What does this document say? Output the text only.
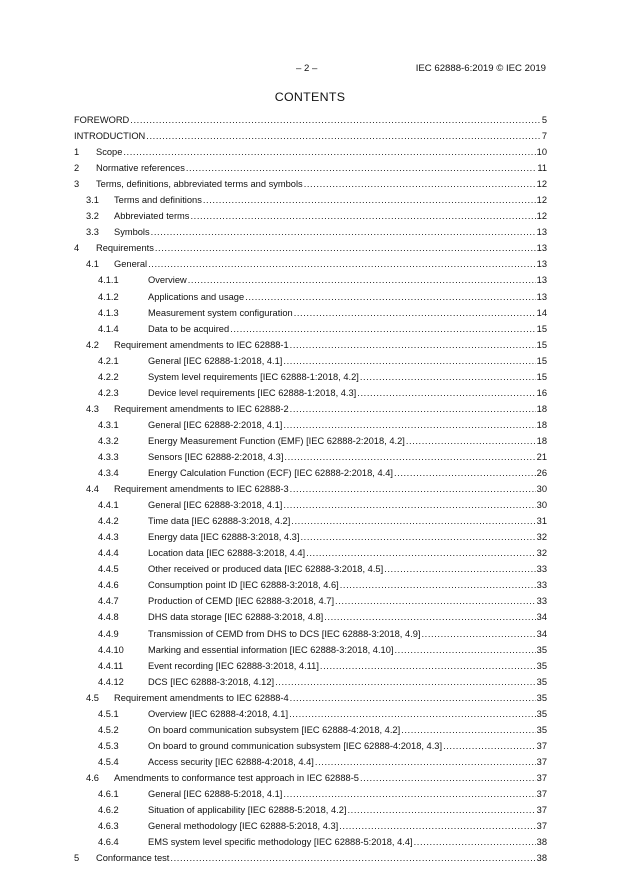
– 2 –	IEC 62888-6:2019 © IEC 2019
CONTENTS
FOREWORD .....	5
INTRODUCTION .....	7
1	Scope .....	10
2	Normative references .....	11
3	Terms, definitions, abbreviated terms and symbols .....	12
3.1	Terms and definitions .....	12
3.2	Abbreviated terms .....	12
3.3	Symbols .....	13
4	Requirements .....	13
4.1	General .....	13
4.1.1	Overview .....	13
4.1.2	Applications and usage .....	13
4.1.3	Measurement system configuration .....	14
4.1.4	Data to be acquired .....	15
4.2	Requirement amendments to IEC 62888-1 .....	15
4.2.1	General [IEC 62888-1:2018, 4.1] .....	15
4.2.2	System level requirements [IEC 62888-1:2018, 4.2] .....	15
4.2.3	Device level requirements [IEC 62888-1:2018, 4.3] .....	16
4.3	Requirement amendments to IEC 62888-2 .....	18
4.3.1	General [IEC 62888-2:2018, 4.1] .....	18
4.3.2	Energy Measurement Function (EMF) [IEC 62888-2:2018, 4.2] .....	18
4.3.3	Sensors [IEC 62888-2:2018, 4.3] .....	21
4.3.4	Energy Calculation Function (ECF) [IEC 62888-2:2018, 4.4] .....	26
4.4	Requirement amendments to IEC 62888-3 .....	30
4.4.1	General [IEC 62888-3:2018, 4.1] .....	30
4.4.2	Time data [IEC 62888-3:2018, 4.2] .....	31
4.4.3	Energy data [IEC 62888-3:2018, 4.3] .....	32
4.4.4	Location data [IEC 62888-3:2018, 4.4] .....	32
4.4.5	Other received or produced data [IEC 62888-3:2018, 4.5] .....	33
4.4.6	Consumption point ID [IEC 62888-3:2018, 4.6] .....	33
4.4.7	Production of CEMD [IEC 62888-3:2018, 4.7] .....	33
4.4.8	DHS data storage [IEC 62888-3:2018, 4.8] .....	34
4.4.9	Transmission of CEMD from DHS to DCS [IEC 62888-3:2018, 4.9] .....	34
4.4.10	Marking and essential information [IEC 62888-3:2018, 4.10] .....	35
4.4.11	Event recording [IEC 62888-3:2018, 4.11] .....	35
4.4.12	DCS [IEC 62888-3:2018, 4.12] .....	35
4.5	Requirement amendments to IEC 62888-4 .....	35
4.5.1	Overview [IEC 62888-4:2018, 4.1] .....	35
4.5.2	On board communication subsystem [IEC 62888-4:2018, 4.2] .....	35
4.5.3	On board to ground communication subsystem [IEC 62888-4:2018, 4.3] .....	37
4.5.4	Access security [IEC 62888-4:2018, 4.4] .....	37
4.6	Amendments to conformance test approach in IEC 62888-5 .....	37
4.6.1	General [IEC 62888-5:2018, 4.1] .....	37
4.6.2	Situation of applicability [IEC 62888-5:2018, 4.2] .....	37
4.6.3	General methodology [IEC 62888-5:2018, 4.3] .....	37
4.6.4	EMS system level specific methodology [IEC 62888-5:2018, 4.4] .....	38
5	Conformance test .....	38
